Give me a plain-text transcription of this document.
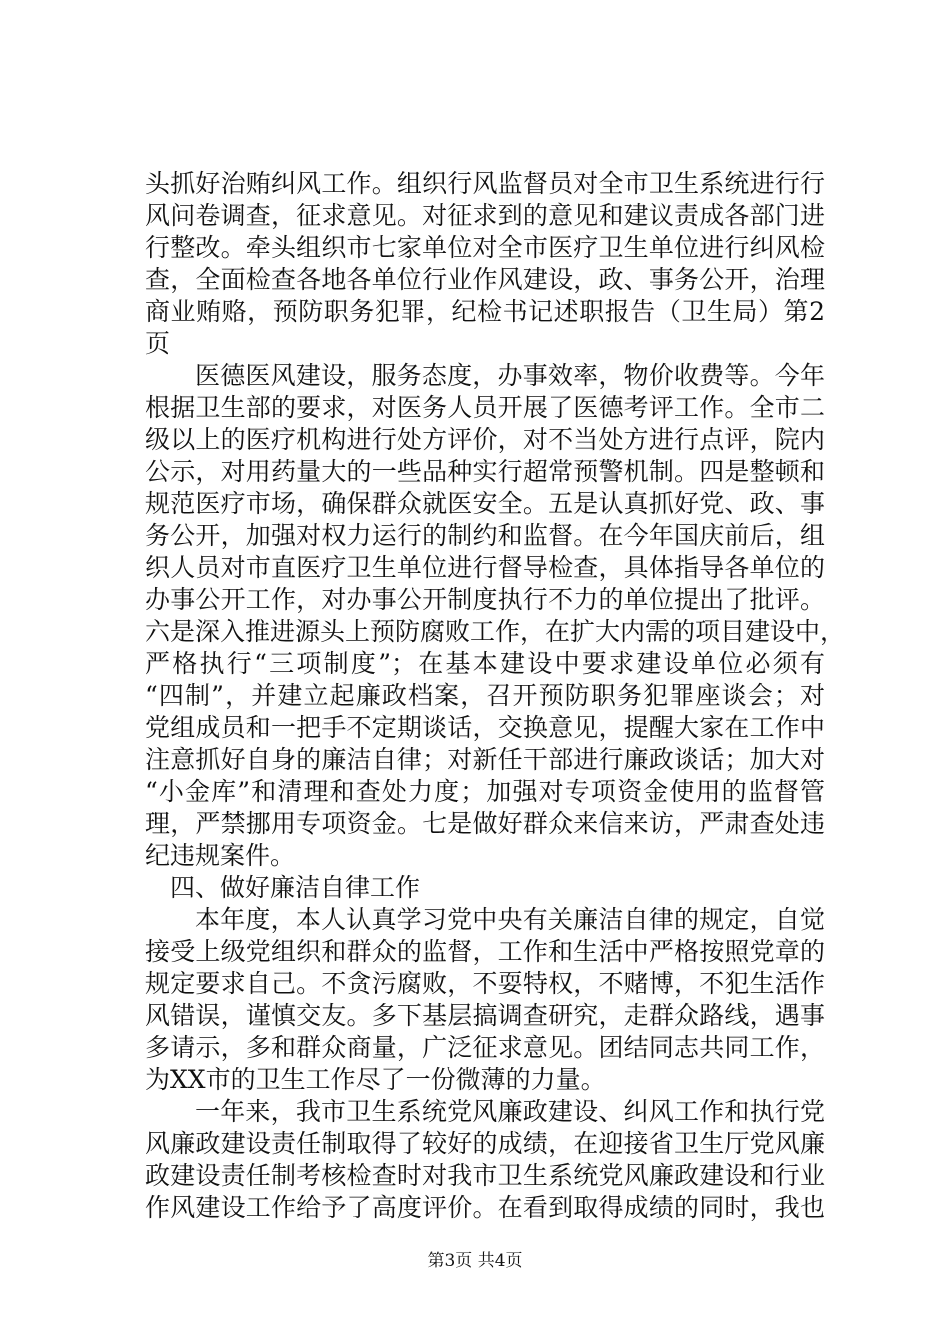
头抓好治贿纠风工作。组织行风监督员对全市卫生系统进行行
风问卷调查，征求意见。对征求到的意见和建议责成各部门进
行整改。牵头组织市七家单位对全市医疗卫生单位进行纠风检
查，全面检查各地各单位行业作风建设，政、事务公开，治理
商业贿赂，预防职务犯罪，纪检书记述职报告（卫生局）第2
页
医德医风建设，服务态度，办事效率，物价收费等。今年
根据卫生部的要求，对医务人员开展了医德考评工作。全市二
级以上的医疗机构进行处方评价，对不当处方进行点评，院内
公示，对用药量大的一些品种实行超常预警机制。四是整顿和
规范医疗市场，确保群众就医安全。五是认真抓好党、政、事
务公开，加强对权力运行的制约和监督。在今年国庆前后，组
织人员对市直医疗卫生单位进行督导检查，具体指导各单位的
办事公开工作，对办事公开制度执行不力的单位提出了批评。
六是深入推进源头上预防腐败工作，在扩大内需的项目建设中，
严格执行“三项制度”；在基本建设中要求建设单位必须有
“四制”，并建立起廉政档案，召开预防职务犯罪座谈会；对
党组成员和一把手不定期谈话，交换意见，提醒大家在工作中
注意抓好自身的廉洁自律；对新任干部进行廉政谈话；加大对
“小金库”和清理和查处力度；加强对专项资金使用的监督管
理，严禁挪用专项资金。七是做好群众来信来访，严肃查处违
纪违规案件。
四、做好廉洁自律工作
本年度，本人认真学习党中央有关廉洁自律的规定，自觉
接受上级党组织和群众的监督，工作和生活中严格按照党章的
规定要求自己。不贪污腐败，不耍特权，不赌博，不犯生活作
风错误，谨慎交友。多下基层搞调查研究，走群众路线，遇事
多请示，多和群众商量，广泛征求意见。团结同志共同工作，
为XX市的卫生工作尽了一份微薄的力量。
一年来，我市卫生系统党风廉政建设、纠风工作和执行党
风廉政建设责任制取得了较好的成绩，在迎接省卫生厅党风廉
政建设责任制考核检查时对我市卫生系统党风廉政建设和行业
作风建设工作给予了高度评价。在看到取得成绩的同时，我也
第3页 共4页
